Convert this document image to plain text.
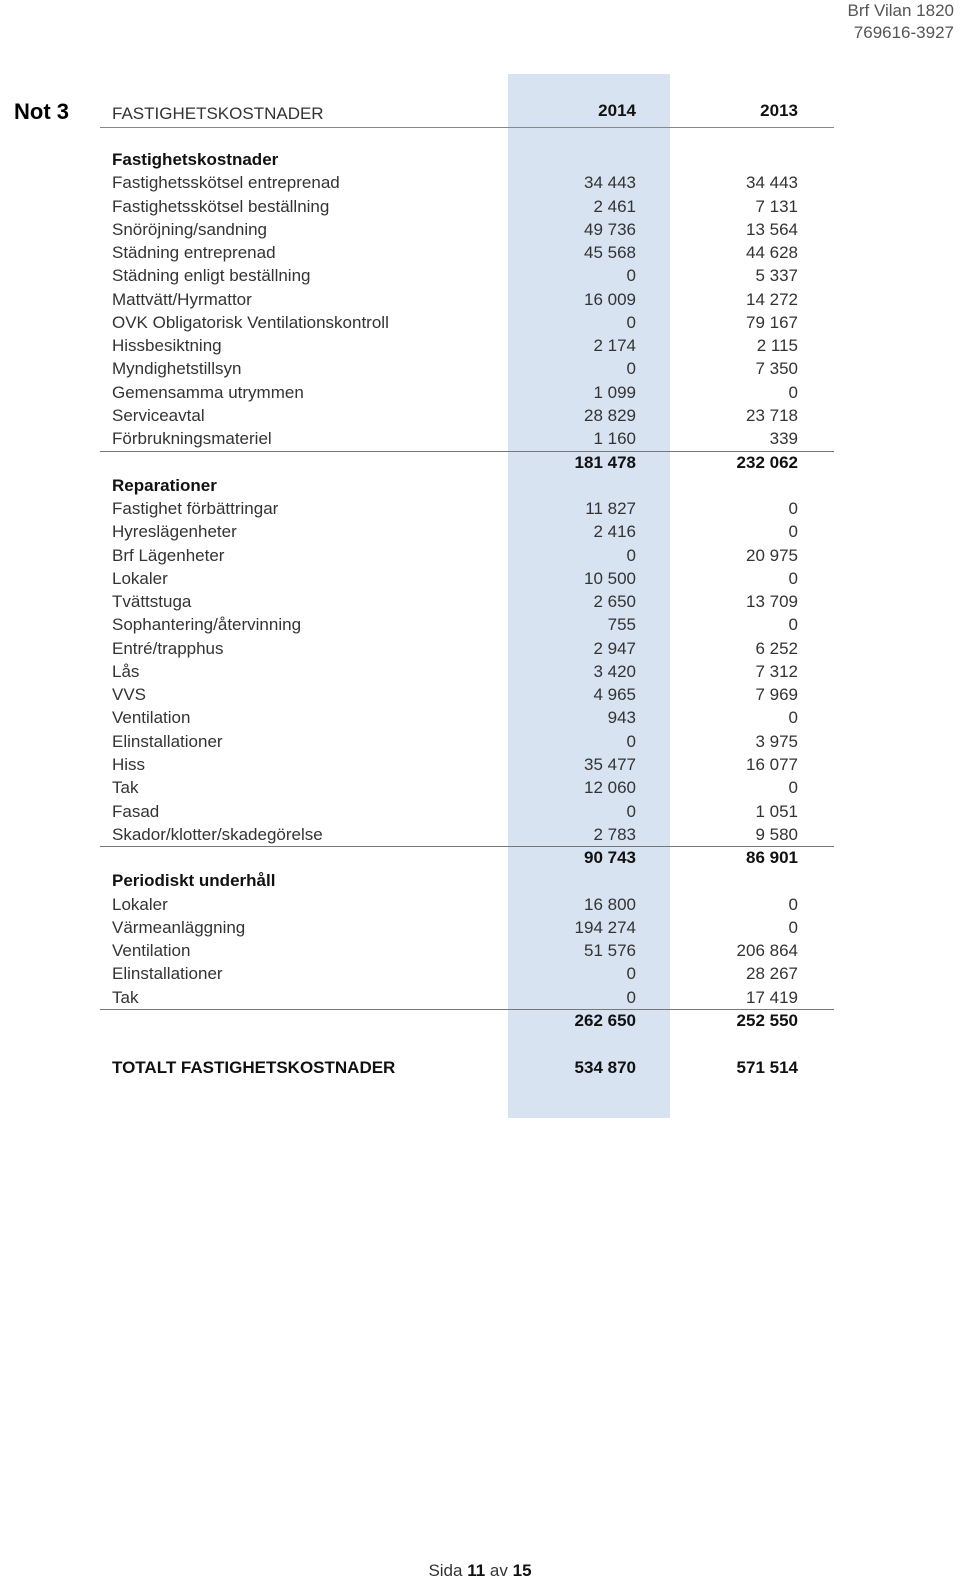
Brf Vilan 1820
769616-3927
Not 3	FASTIGHETSKOSTNADER	2014	2013
Fastighetskostnader
Fastighetsskötsel entreprenad	34 443	34 443
Fastighetsskötsel beställning	2 461	7 131
Snöröjning/sandning	49 736	13 564
Städning entreprenad	45 568	44 628
Städning enligt beställning	0	5 337
Mattvätt/Hyrmattor	16 009	14 272
OVK Obligatorisk Ventilationskontroll	0	79 167
Hissbesiktning	2 174	2 115
Myndighetstillsyn	0	7 350
Gemensamma utrymmen	1 099	0
Serviceavtal	28 829	23 718
Förbrukningsmateriel	1 160	339
181 478	232 062
Reparationer
Fastighet förbättringar	11 827	0
Hyreslägenheter	2 416	0
Brf Lägenheter	0	20 975
Lokaler	10 500	0
Tvättstuga	2 650	13 709
Sophantering/återvinning	755	0
Entré/trapphus	2 947	6 252
Lås	3 420	7 312
VVS	4 965	7 969
Ventilation	943	0
Elinstallationer	0	3 975
Hiss	35 477	16 077
Tak	12 060	0
Fasad	0	1 051
Skador/klotter/skadegörelse	2 783	9 580
90 743	86 901
Periodiskt underhåll
Lokaler	16 800	0
Värmeanläggning	194 274	0
Ventilation	51 576	206 864
Elinstallationer	0	28 267
Tak	0	17 419
262 650	252 550
TOTALT FASTIGHETSKOSTNADER	534 870	571 514
Sida 11 av 15
